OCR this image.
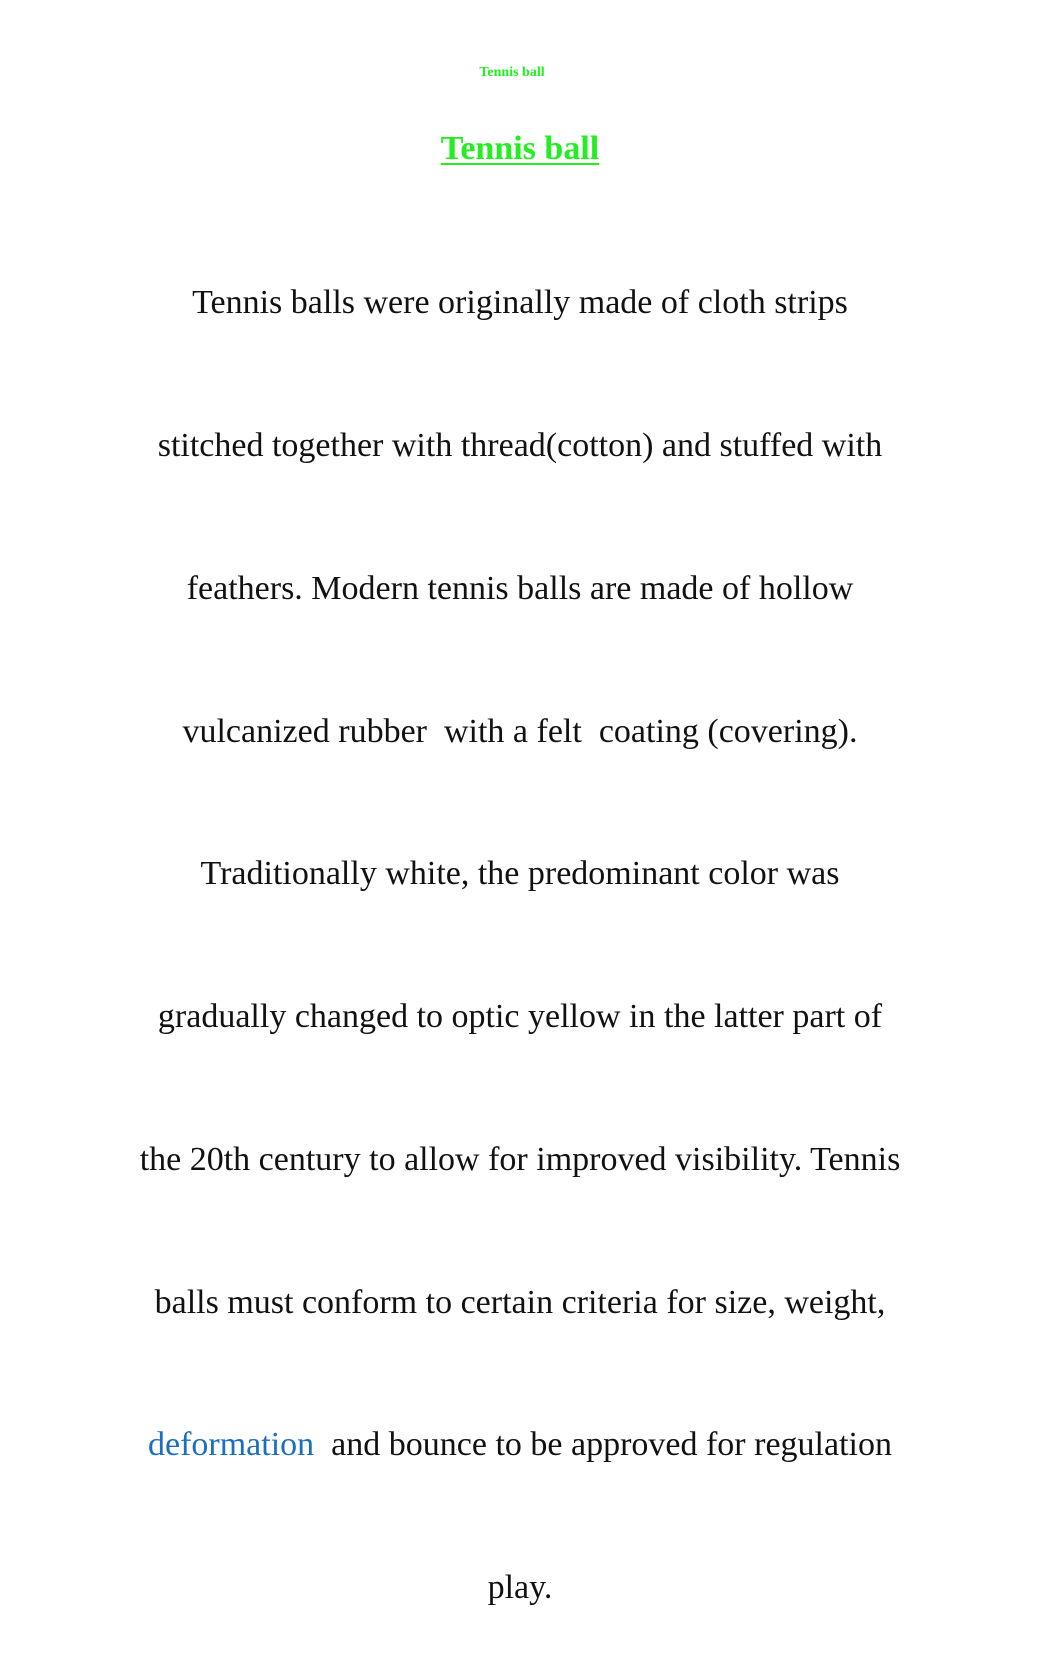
Tennis ball
Tennis ball

Tennis balls were originally made of cloth strips

stitched together with thread(cotton) and stuffed with

feathers. Modern tennis balls are made of hollow

vulcanized rubber  with a felt  coating (covering).

Traditionally white, the predominant color was

gradually changed to optic yellow in the latter part of

the 20th century to allow for improved visibility. Tennis

balls must conform to certain criteria for size, weight,

deformation  and bounce to be approved for regulation

play.
